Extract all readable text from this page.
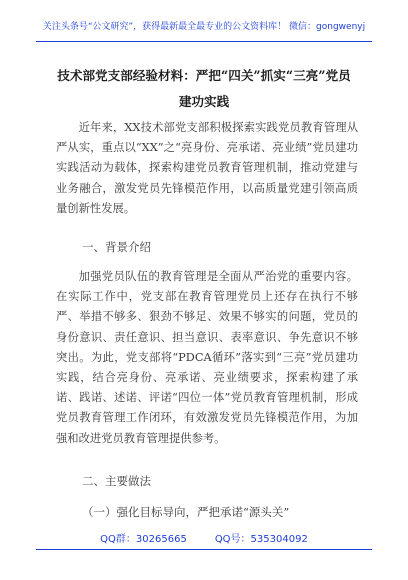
关注头条号“公文研究”，获得最新最全最专业的公文资料库！ 微信：gongwenyj
技术部党支部经验材料：严把“四关”抓实“三亮”党员
建功实践

近年来，XX技术部党支部积极探索实践党员教育管理从严从实，重点以“XX”之“亮身份、亮承诺、亮业绩”党员建功实践活动为载体，探索构建党员教育管理机制，推动党建与业务融合，激发党员先锋模范作用，以高质量党建引领高质量创新性发展。

一、背景介绍

加强党员队伍的教育管理是全面从严治党的重要内容。在实际工作中，党支部在教育管理党员上还存在执行不够严、举措不够多、狠劲不够足、效果不够实的问题，党员的身份意识、责任意识、担当意识、表率意识、争先意识不够突出。为此，党支部将“PDCA循环”落实到“三亮”党员建功实践，结合亮身份、亮承诺、亮业绩要求，探索构建了承诺、践诺、述诺、评诺“四位一体”党员教育管理机制，形成党员教育管理工作闭环，有效激发党员先锋模范作用，为加强和改进党员教育管理提供参考。

二、主要做法
（一）强化目标导向，严把承诺“源头关”
QQ群：30265665	QQ号：535304092
